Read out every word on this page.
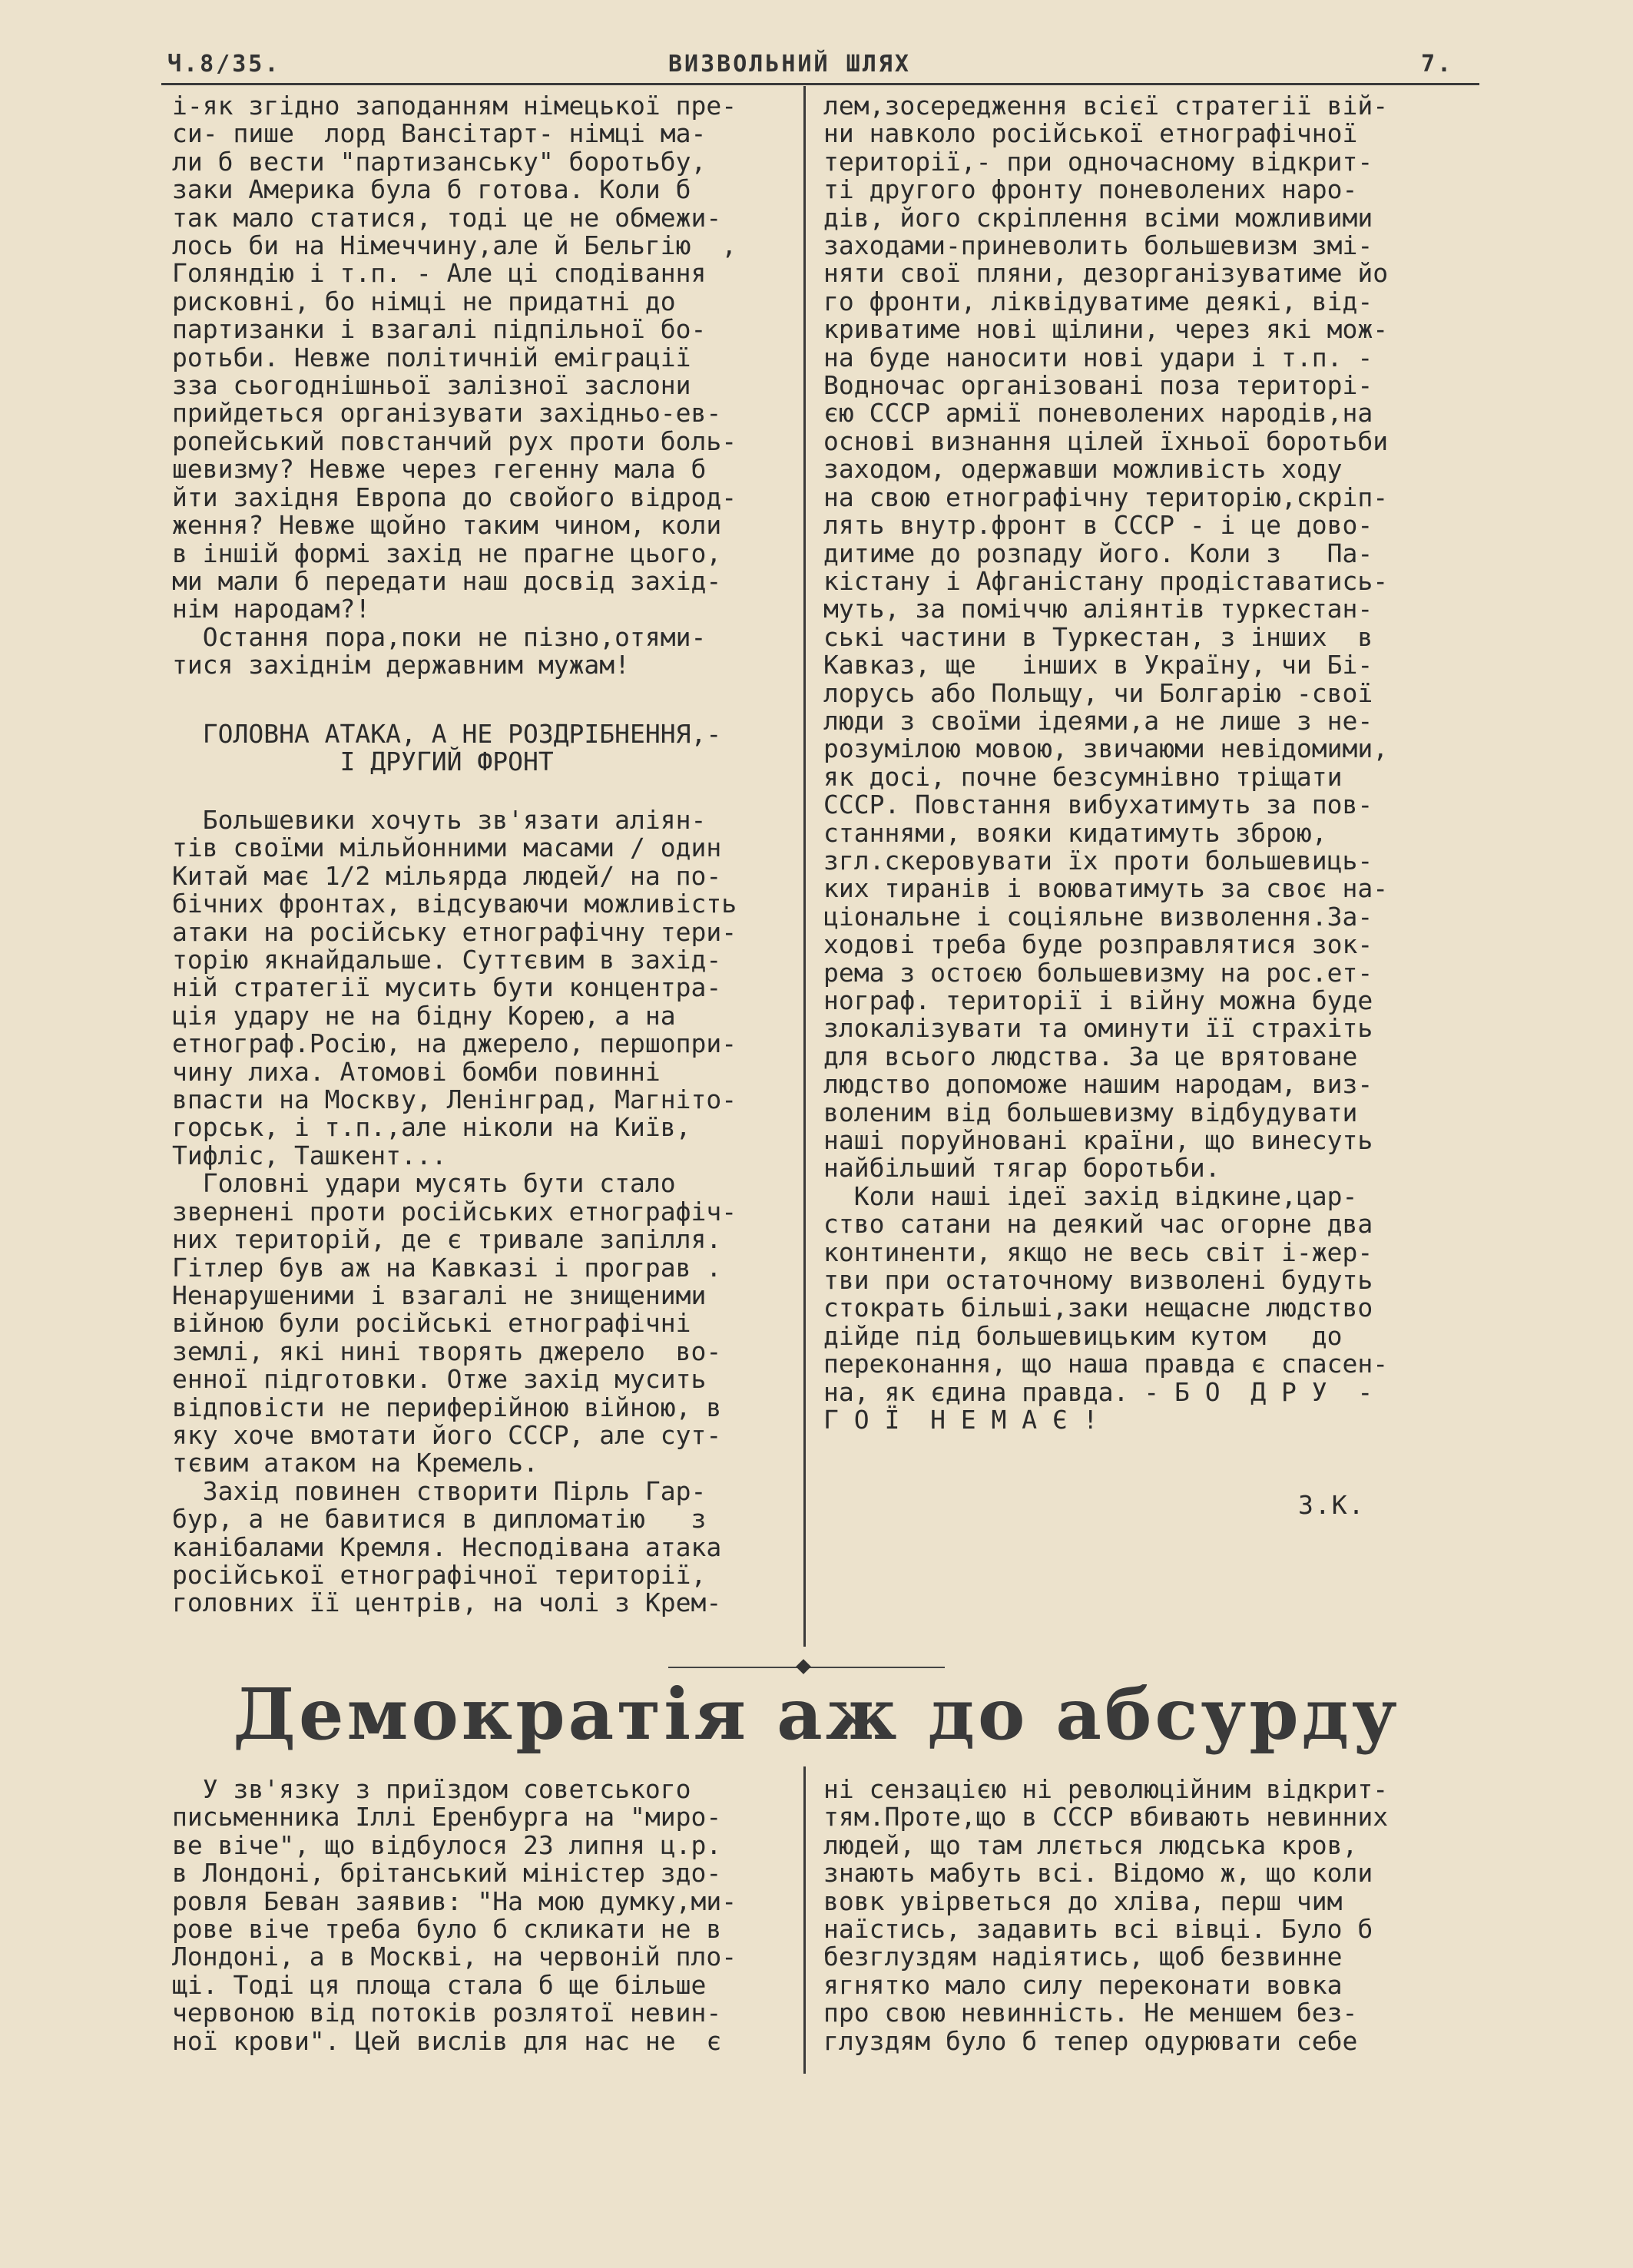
Ч.8/35.	ВИЗВОЛЬНИЙ ШЛЯХ	7.
і-як згідно заподанням німецької пре-
си- пише  лорд Вансітарт- німці ма-
ли б вести "партизанську" боротьбу,
заки Америка була б готова. Коли б
так мало статися, тоді це не обмежи-
лось би на Німеччину,але й Бельгію  ,
Голяндію і т.п. - Але ці сподівання
рисковні, бо німці не придатні до
партизанки і взагалі підпільної бо-
ротьби. Невже політичній еміграції
зза сьогоднішньої залізної заслони
прийдеться організувати західньо-ев-
ропейський повстанчий рух проти боль-
шевизму? Невже через гегенну мала б
йти західня Европа до свойого відрод-
ження? Невже щойно таким чином, коли
в іншій формі захід не прагне цього,
ми мали б передати наш досвід захід-
нім народам?!
Остання пора,поки не пізно,отями-
тися західнім державним мужам!
ГОЛОВНА АТАКА, А НЕ РОЗДРІБНЕННЯ,-
І ДРУГИЙ ФРОНТ
Большевики хочуть зв'язати аліян-
тів своїми мільйонними масами / один
Китай має 1/2 мільярда людей/ на по-
бічних фронтах, відсуваючи можливість
атаки на російську етнографічну тери-
торію якнайдальше. Суттєвим в захід-
ній стратегії мусить бути концентра-
ція удару не на бідну Корею, а на
етнограф.Росію, на джерело, першопри-
чину лиха. Атомові бомби повинні
впасти на Москву, Ленінград, Магніто-
горськ, і т.п.,але ніколи на Київ,
Тифліс, Ташкент...
Головні удари мусять бути стало
звернені проти російських етнографіч-
них територій, де є тривале запілля.
Гітлер був аж на Кавказі і програв .
Ненарушеними і взагалі не знищеними
війною були російські етнографічні
землі, які нині творять джерело  во-
енної підготовки. Отже захід мусить
відповісти не периферійною війною, в
яку хоче вмотати його СССР, але сут-
тєвим атаком на Кремель.
Захід повинен створити Пірль Гар-
бур, а не бавитися в дипломатію   з
канібалами Кремля. Несподівана атака
російської етнографічної території,
головних її центрів, на чолі з Крем-
лем,зосередження всієї стратегії вій-
ни навколо російської етнографічної
території,- при одночасному відкрит-
ті другого фронту поневолених наро-
дів, його скріплення всіми можливими
заходами-приневолить большевизм змі-
няти свої пляни, дезорганізуватиме йо
го фронти, ліквідуватиме деякі, від-
криватиме нові щілини, через які мож-
на буде наносити нові удари і т.п. -
Водночас організовані поза територі-
єю СССР армії поневолених народів,на
основі визнання цілей їхньої боротьби
заходом, одержавши можливість ходу
на свою етнографічну територію,скріп-
лять внутр.фронт в СССР - і це дово-
дитиме до розпаду його. Коли з   Па-
кістану і Афганістану продіставатись-
муть, за поміччю аліянтів туркестан-
ські частини в Туркестан, з інших  в
Кавказ, ще   інших в Україну, чи Бі-
лорусь або Польщу, чи Болгарію -свої
люди з своїми ідеями,а не лише з не-
розумілою мовою, звичаюми невідомими,
як досі, почне безсумнівно тріщати
СССР. Повстання вибухатимуть за пов-
станнями, вояки кидатимуть зброю,
згл.скеровувати їх проти большевиць-
ких тиранів і воюватимуть за своє на-
ціональне і соціяльне визволення.За-
ходові треба буде розправлятися зок-
рема з остоєю большевизму на рос.ет-
нограф. території і війну можна буде
злокалізувати та оминути її страхіть
для всього людства. За це врятоване
людство допоможе нашим народам, виз-
воленим від большевизму відбудувати
наші поруйновані країни, що винесуть
найбільший тягар боротьби.
Коли наші ідеї захід відкине,цар-
ство сатани на деякий час огорне два
континенти, якщо не весь світ і-жер-
тви при остаточному визволені будуть
стократь більші,заки нещасне людство
дійде під большевицьким кутом   до
переконання, що наша правда є спасен-
на, як єдина правда. - Б О  Д Р У  -
Г О Ї  Н Е М А Є !
З.К.
Демократія аж до абсурду
У зв'язку з приїздом советського
письменника Іллі Еренбурга на "миро-
ве віче", що відбулося 23 липня ц.р.
в Лондоні, брітанський міністер здо-
ровля Беван заявив: "На мою думку,ми-
рове віче треба було б скликати не в
Лондоні, а в Москві, на червоній пло-
щі. Тоді ця площа стала б ще більше
червоною від потоків розлятої невин-
ної крови". Цей вислів для нас не  є
ні сензацією ні революційним відкрит-
тям.Проте,що в СССР вбивають невинних
людей, що там ллється людська кров,
знають мабуть всі. Відомо ж, що коли
вовк увірветься до хліва, перш чим
наїстись, задавить всі вівці. Було б
безглуздям надіятись, щоб безвинне
ягнятко мало силу переконати вовка
про свою невинність. Не меншем без-
глуздям було б тепер одурювати себе
